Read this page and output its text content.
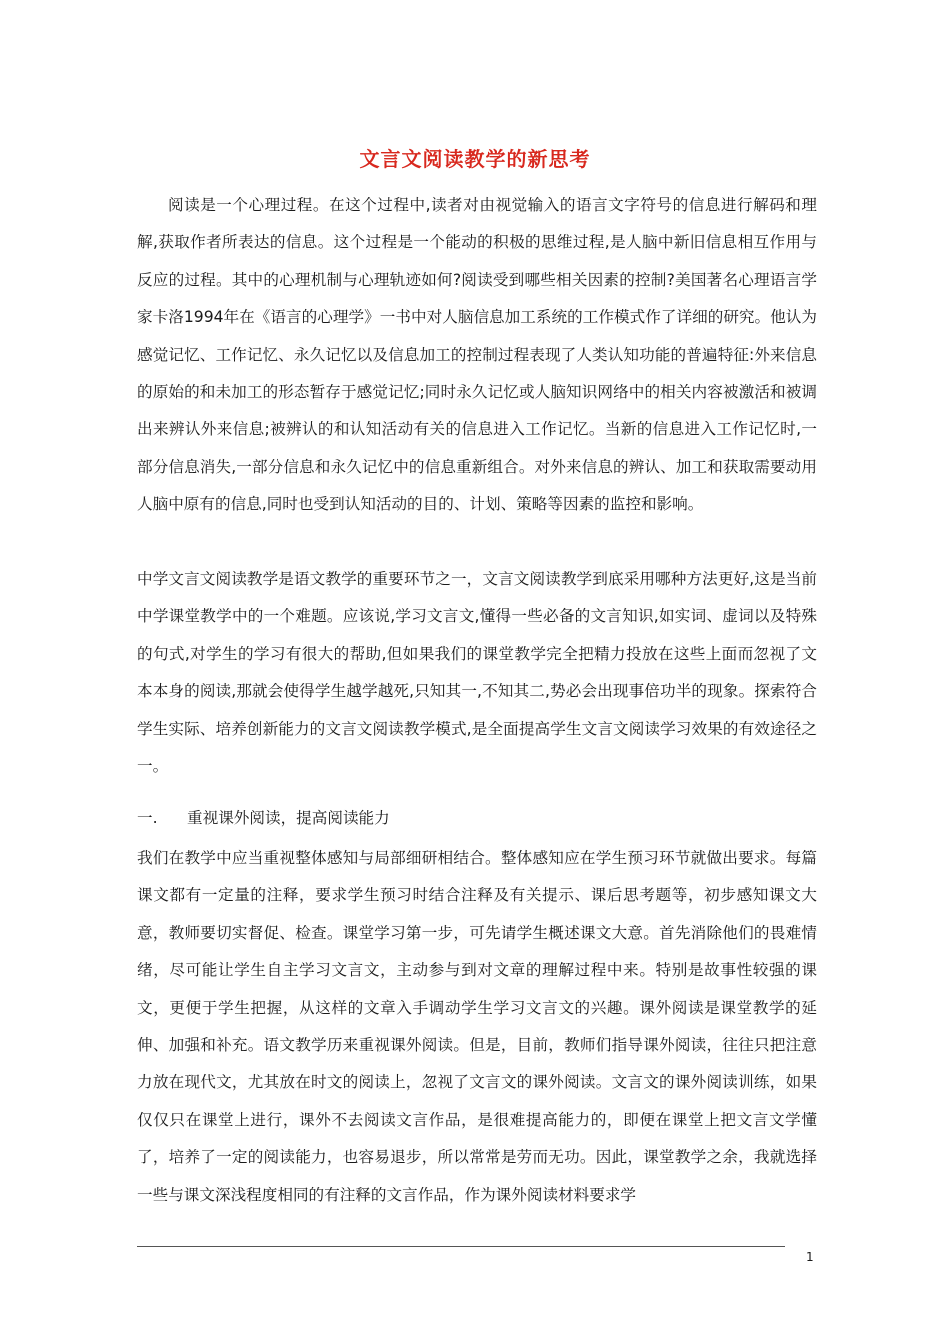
文言文阅读教学的新思考

阅读是一个心理过程。在这个过程中,读者对由视觉输入的语言文字符号的信息进行解码和理解,获取作者所表达的信息。这个过程是一个能动的积极的思维过程,是人脑中新旧信息相互作用与反应的过程。其中的心理机制与心理轨迹如何?阅读受到哪些相关因素的控制?美国著名心理语言学家卡洛1994年在《语言的心理学》一书中对人脑信息加工系统的工作模式作了详细的研究。他认为感觉记忆、工作记忆、永久记忆以及信息加工的控制过程表现了人类认知功能的普遍特征:外来信息的原始的和未加工的形态暂存于感觉记忆;同时永久记忆或人脑知识网络中的相关内容被激活和被调出来辨认外来信息;被辨认的和认知活动有关的信息进入工作记忆。当新的信息进入工作记忆时,一部分信息消失,一部分信息和永久记忆中的信息重新组合。对外来信息的辨认、加工和获取需要动用人脑中原有的信息,同时也受到认知活动的目的、计划、策略等因素的监控和影响。

中学文言文阅读教学是语文教学的重要环节之一，文言文阅读教学到底采用哪种方法更好,这是当前中学课堂教学中的一个难题。应该说,学习文言文,懂得一些必备的文言知识,如实词、虚词以及特殊的句式,对学生的学习有很大的帮助,但如果我们的课堂教学完全把精力投放在这些上面而忽视了文本本身的阅读,那就会使得学生越学越死,只知其一,不知其二,势必会出现事倍功半的现象。探索符合学生实际、培养创新能力的文言文阅读教学模式,是全面提高学生文言文阅读学习效果的有效途径之一。

一. 重视课外阅读，提高阅读能力

我们在教学中应当重视整体感知与局部细研相结合。整体感知应在学生预习环节就做出要求。每篇课文都有一定量的注释，要求学生预习时结合注释及有关提示、课后思考题等，初步感知课文大意，教师要切实督促、检查。课堂学习第一步，可先请学生概述课文大意。首先消除他们的畏难情绪，尽可能让学生自主学习文言文，主动参与到对文章的理解过程中来。特别是故事性较强的课文，更便于学生把握，从这样的文章入手调动学生学习文言文的兴趣。课外阅读是课堂教学的延伸、加强和补充。语文教学历来重视课外阅读。但是，目前，教师们指导课外阅读，往往只把注意力放在现代文，尤其放在时文的阅读上，忽视了文言文的课外阅读。文言文的课外阅读训练，如果仅仅只在课堂上进行，课外不去阅读文言作品，是很难提高能力的，即便在课堂上把文言文学懂了，培养了一定的阅读能力，也容易退步，所以常常是劳而无功。因此，课堂教学之余，我就选择一些与课文深浅程度相同的有注释的文言作品，作为课外阅读材料要求学

1
